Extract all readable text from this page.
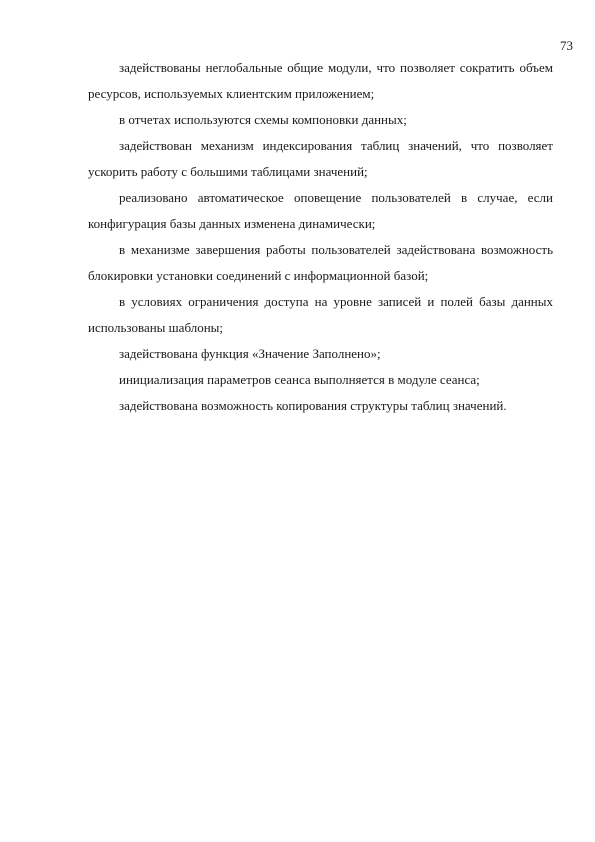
73

задействованы неглобальные общие модули, что позволяет сократить объем ресурсов, используемых клиентским приложением;

в отчетах используются схемы компоновки данных;

задействован механизм индексирования таблиц значений, что позволяет ускорить работу с большими таблицами значений;

реализовано автоматическое оповещение пользователей в случае, если конфигурация базы данных изменена динамически;

в механизме завершения работы пользователей задействована возможность блокировки установки соединений с информационной базой;

в условиях ограничения доступа на уровне записей и полей базы данных использованы шаблоны;

задействована функция «Значение Заполнено»;

инициализация параметров сеанса выполняется в модуле сеанса;

задействована возможность копирования структуры таблиц значений.
